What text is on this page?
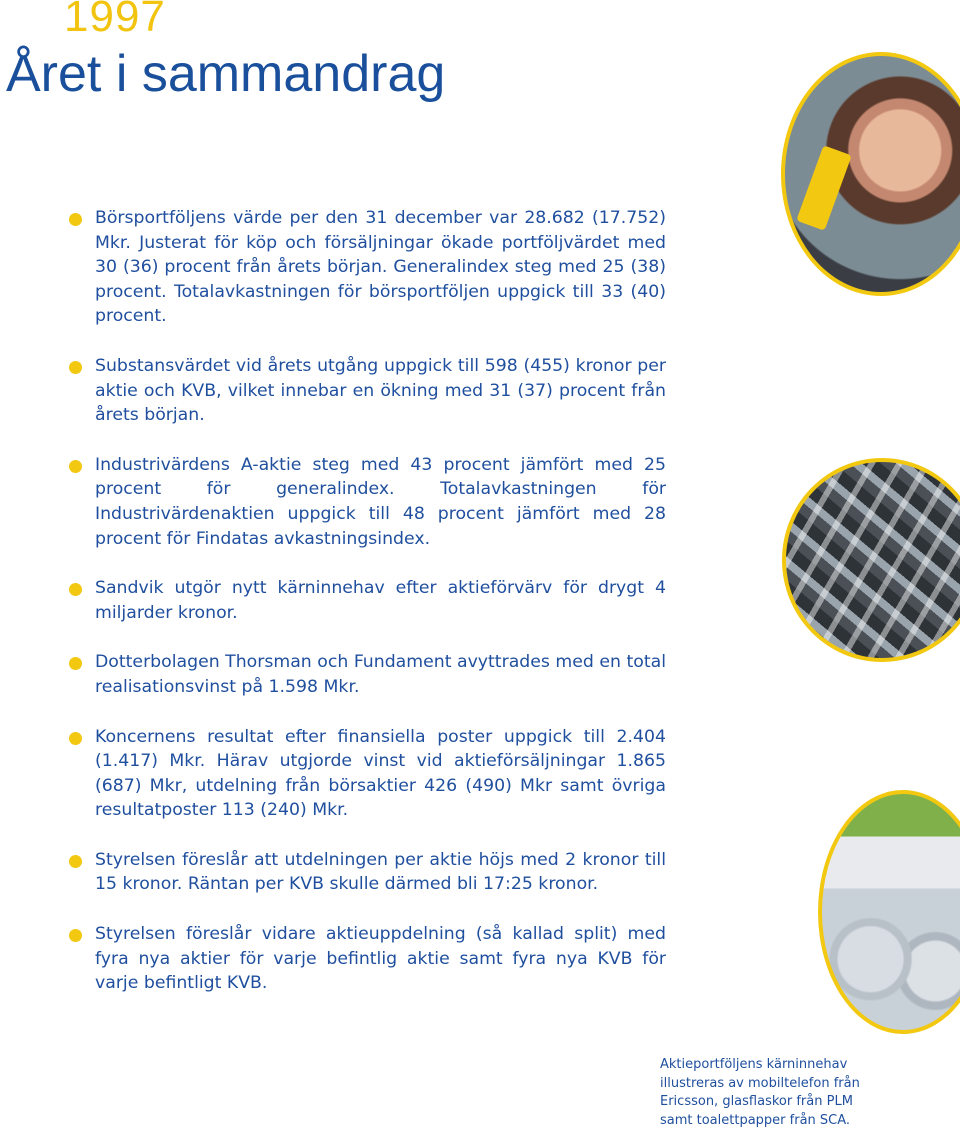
1997
Året i sammandrag
Börsportföljens värde per den 31 december var 28.682 (17.752) Mkr. Justerat för köp och försäljningar ökade portföljvärdet med 30 (36) procent från årets början. Generalindex steg med 25 (38) procent. Totalavkastningen för börsportföljen uppgick till 33 (40) procent.
Substansvärdet vid årets utgång uppgick till 598 (455) kronor per aktie och KVB, vilket innebar en ökning med 31 (37) procent från årets början.
Industrivärdens A-aktie steg med 43 procent jämfört med 25 procent för generalindex. Totalavkastningen för Industrivärdenaktien uppgick till 48 procent jämfört med 28 procent för Findatas avkastningsindex.
Sandvik utgör nytt kärninnehav efter aktieförvärv för drygt 4 miljarder kronor.
Dotterbolagen Thorsman och Fundament avyttrades med en total realisationsvinst på 1.598 Mkr.
Koncernens resultat efter finansiella poster uppgick till 2.404 (1.417) Mkr. Härav utgjorde vinst vid aktieförsäljningar 1.865 (687) Mkr, utdelning från börsaktier 426 (490) Mkr samt övriga resultatposter 113 (240) Mkr.
Styrelsen föreslår att utdelningen per aktie höjs med 2 kronor till 15 kronor. Räntan per KVB skulle därmed bli 17:25 kronor.
Styrelsen föreslår vidare aktieuppdelning (så kallad split) med fyra nya aktier för varje befintlig aktie samt fyra nya KVB för varje befintligt KVB.
Aktieportföljens kärninnehav
illustreras av mobiltelefon från
Ericsson, glasflaskor från PLM
samt toalettpapper från SCA.
